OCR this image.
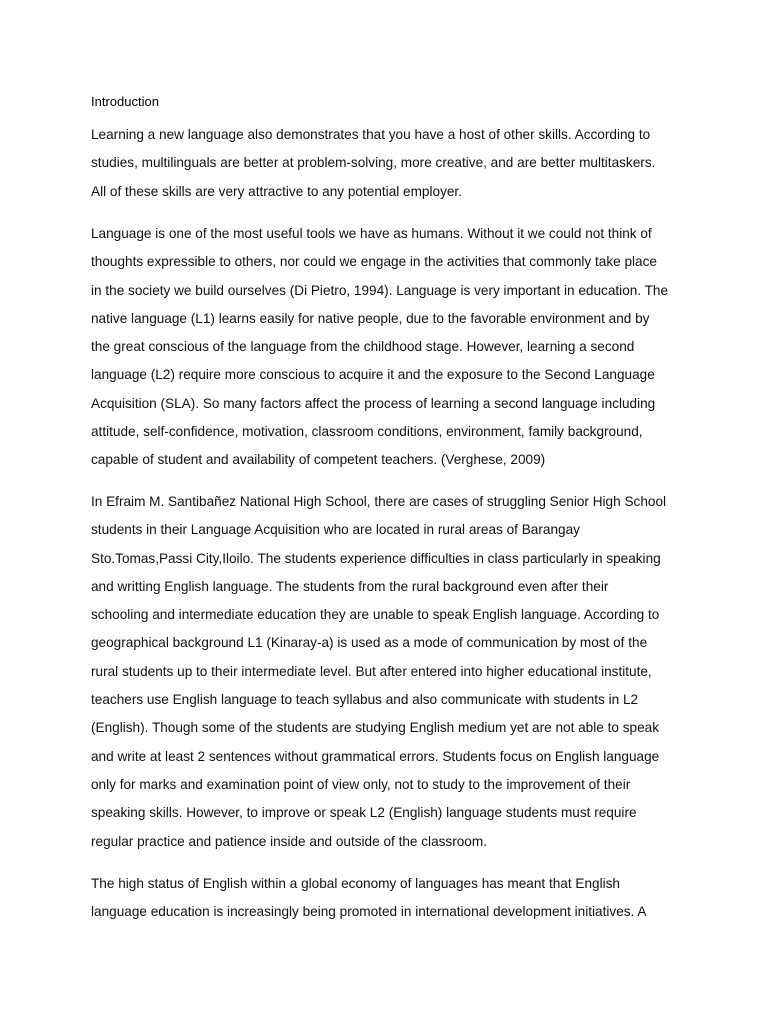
Introduction
Learning a new language also demonstrates that you have a host of other skills. According to
studies, multilinguals are better at problem-solving, more creative, and are better multitaskers.
All of these skills are very attractive to any potential employer.
Language is one of the most useful tools we have as humans. Without it we could not think of
thoughts expressible to others, nor could we engage in the activities that commonly take place
in the society we build ourselves (Di Pietro, 1994). Language is very important in education. The
native language (L1) learns easily for native people, due to the favorable environment and by
the great conscious of the language from the childhood stage. However, learning a second
language (L2) require more conscious to acquire it and the exposure to the Second Language
Acquisition (SLA). So many factors affect the process of learning a second language including
attitude, self-confidence, motivation, classroom conditions, environment, family background,
capable of student and availability of competent teachers. (Verghese, 2009)
In Efraim M. Santibañez National High School, there are cases of struggling Senior High School
students in their Language Acquisition who are located in rural areas of Barangay
Sto.Tomas,Passi City,Iloilo. The students experience difficulties in class particularly in speaking
and writting English language. The students from the rural background even after their
schooling and intermediate education they are unable to speak English language. According to
geographical background L1 (Kinaray-a) is used as a mode of communication by most of the
rural students up to their intermediate level. But after entered into higher educational institute,
teachers use English language to teach syllabus and also communicate with students in L2
(English). Though some of the students are studying English medium yet are not able to speak
and write at least 2 sentences without grammatical errors. Students focus on English language
only for marks and examination point of view only, not to study to the improvement of their
speaking skills. However, to improve or speak L2 (English) language students must require
regular practice and patience inside and outside of the classroom.
The high status of English within a global economy of languages has meant that English
language education is increasingly being promoted in international development initiatives. A
